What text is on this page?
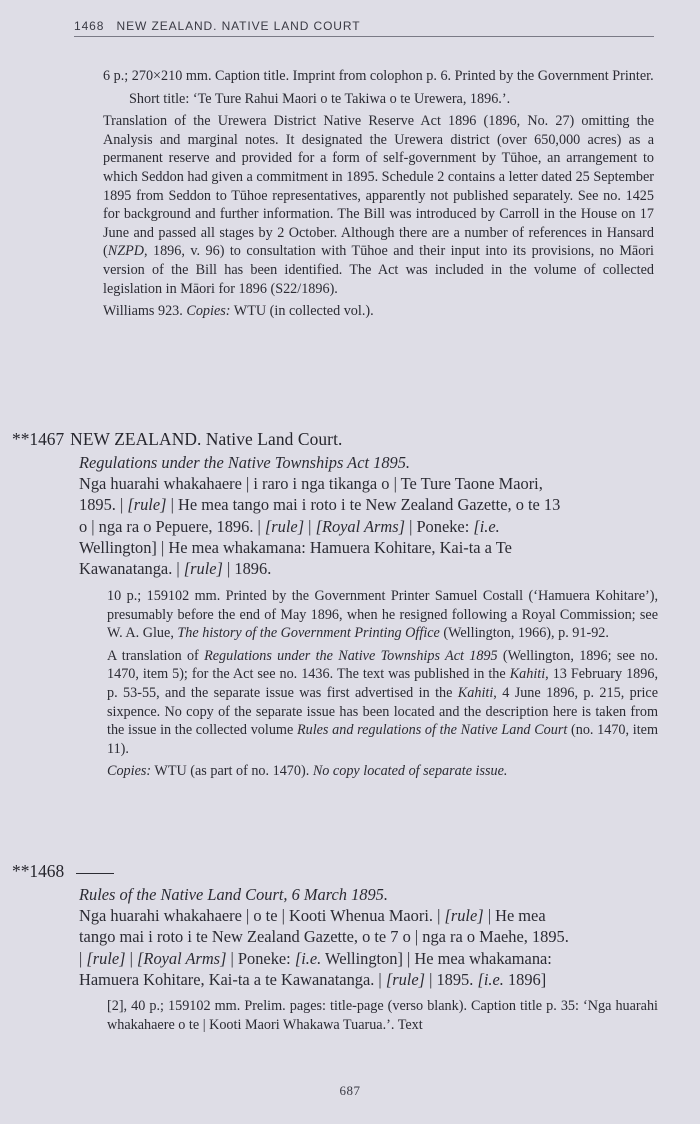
1468 NEW ZEALAND. NATIVE LAND COURT

6 p.; 270×210 mm. Caption title. Imprint from colophon p. 6. Printed by the Government Printer.

Short title: ‘Te Ture Rahui Maori o te Takiwa o te Urewera, 1896.’.

Translation of the Urewera District Native Reserve Act 1896 (1896, No. 27) omitting the Analysis and marginal notes. It designated the Urewera district (over 650,000 acres) as a permanent reserve and provided for a form of self-government by Tūhoe, an arrangement to which Seddon had given a commitment in 1895. Schedule 2 contains a letter dated 25 September 1895 from Seddon to Tūhoe representatives, apparently not published separately. See no. 1425 for background and further information. The Bill was introduced by Carroll in the House on 17 June and passed all stages by 2 October. Although there are a number of references in Hansard (NZPD, 1896, v. 96) to consultation with Tūhoe and their input into its provisions, no Māori version of the Bill has been identified. The Act was included in the volume of collected legislation in Māori for 1896 (S22/1896).

Williams 923. Copies: WTU (in collected vol.).

**1467 NEW ZEALAND. Native Land Court.

Regulations under the Native Townships Act 1895.

Nga huarahi whakahaere | i raro i nga tikanga o | Te Ture Taone Maori,

1895. | [rule] | He mea tango mai i roto i te New Zealand Gazette, o te 13

o | nga ra o Pepuere, 1896. | [rule] | [Royal Arms] | Poneke: [i.e.

Wellington] | He mea whakamana: Hamuera Kohitare, Kai-ta a Te

Kawanatanga. | [rule] | 1896.

10 p.; 159102 mm. Printed by the Government Printer Samuel Costall (‘Hamuera Kohitare’), presumably before the end of May 1896, when he resigned following a Royal Commission; see W. A. Glue, The history of the Government Printing Office (Wellington, 1966), p. 91-92.

A translation of Regulations under the Native Townships Act 1895 (Wellington, 1896; see no. 1470, item 5); for the Act see no. 1436. The text was published in the Kahiti, 13 February 1896, p. 53-55, and the separate issue was first advertised in the Kahiti, 4 June 1896, p. 215, price sixpence. No copy of the separate issue has been located and the description here is taken from the issue in the collected volume Rules and regulations of the Native Land Court (no. 1470, item 11).

Copies: WTU (as part of no. 1470). No copy located of separate issue.

**1468

Rules of the Native Land Court, 6 March 1895.

Nga huarahi whakahaere | o te | Kooti Whenua Maori. | [rule] | He mea

tango mai i roto i te New Zealand Gazette, o te 7 o | nga ra o Maehe, 1895.

| [rule] | [Royal Arms] | Poneke: [i.e. Wellington] | He mea whakamana:

Hamuera Kohitare, Kai-ta a te Kawanatanga. | [rule] | 1895. [i.e. 1896]

[2], 40 p.; 159102 mm. Prelim. pages: title-page (verso blank). Caption title p. 35: ‘Nga huarahi whakahaere o te | Kooti Maori Whakawa Tuarua.’. Text

687
